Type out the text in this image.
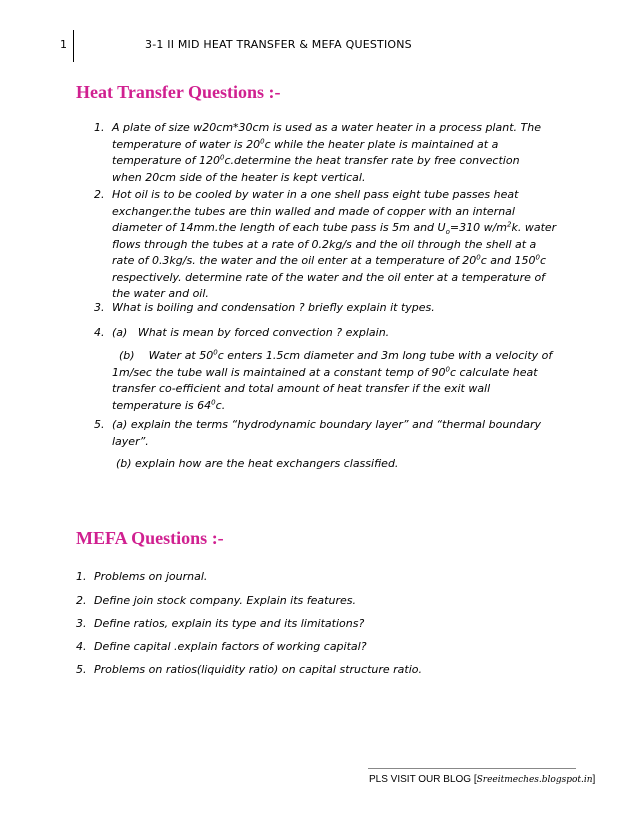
1	3-1 II MID HEAT TRANSFER & MEFA QUESTIONS
Heat Transfer Questions :-
1. A plate of size w20cm*30cm is used as a water heater in a process plant. The temperature of water is $20^0c$ while the heater plate is maintained at a temperature of $120^0c.determine$ the heat transfer rate by free convection when 20cm side of the heater is kept vertical.
2. Hot oil is to be cooled by water in a one shell pass eight tube passes heat exchanger.the tubes are thin walled and made of copper with an internal diameter of 14mm.the length of each tube pass is 5m and $U_o=310$ $w/m^2k$. water flows through the tubes at a rate of 0.2kg/s and the oil through the shell at a rate of 0.3kg/s. the water and the oil enter at a temperature of $20^0c$ and $150^0c$ respectively. determine rate of the water and the oil enter at a temperature of the water and oil.
3. What is boiling and condensation ? briefly explain it types.
4. (a) What is mean by forced convection ? explain.
(b) Water at $50^0c$ enters 1.5cm diameter and 3m long tube with a velocity of 1m/sec the tube wall is maintained at a constant temp of $90^0c$ calculate heat transfer co-efficient and total amount of heat transfer if the exit wall temperature is $64^0c$.
5. (a) explain the terms “hydrodynamic boundary layer” and “thermal boundary layer”.
(b) explain how are the heat exchangers classified.
MEFA Questions :-
1. Problems on journal.
2. Define join stock company. Explain its features.
3. Define ratios, explain its type and its limitations?
4. Define capital .explain factors of working capital?
5. Problems on ratios(liquidity ratio) on capital structure ratio.
PLS VISIT OUR BLOG [Sreeitmeches.blogspot.in]
